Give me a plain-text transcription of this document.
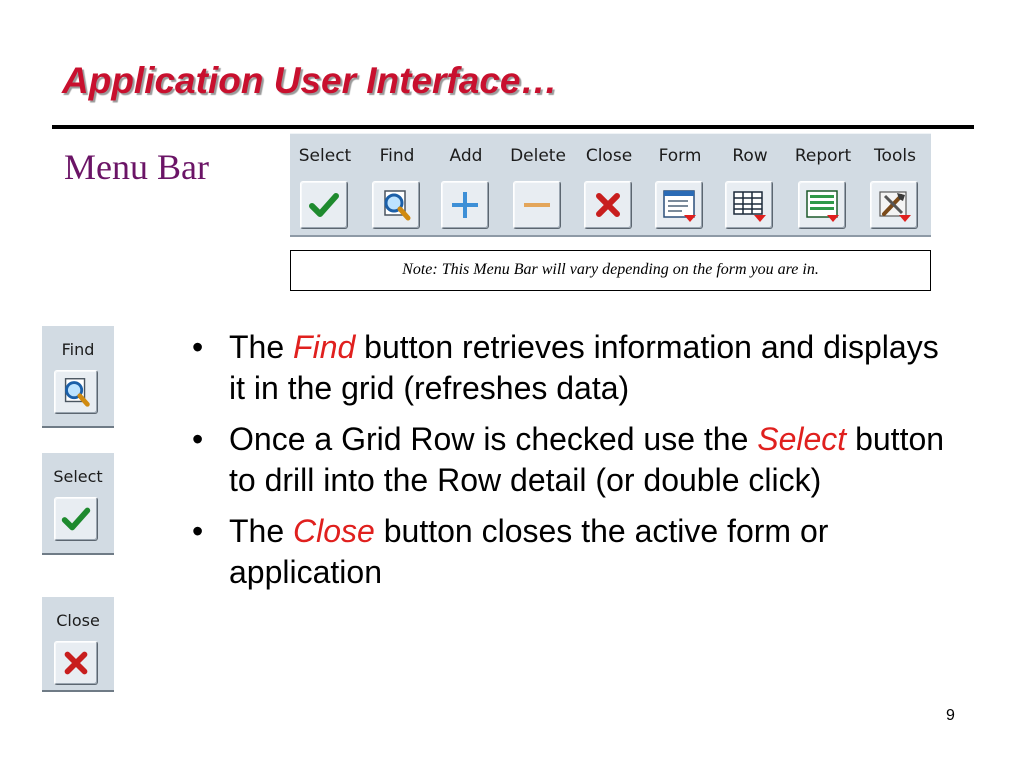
Application User Interface…
Menu Bar	Select	Find	Add	Delete	Close	Form	Row	Report	Tools
Note: This Menu Bar will vary depending on the form you are in.
Find
Select
Close
• The Find button retrieves information and displays it in the grid (refreshes data)
• Once a Grid Row is checked use the Select button to drill into the Row detail (or double click)
• The Close button closes the active form or application
9
